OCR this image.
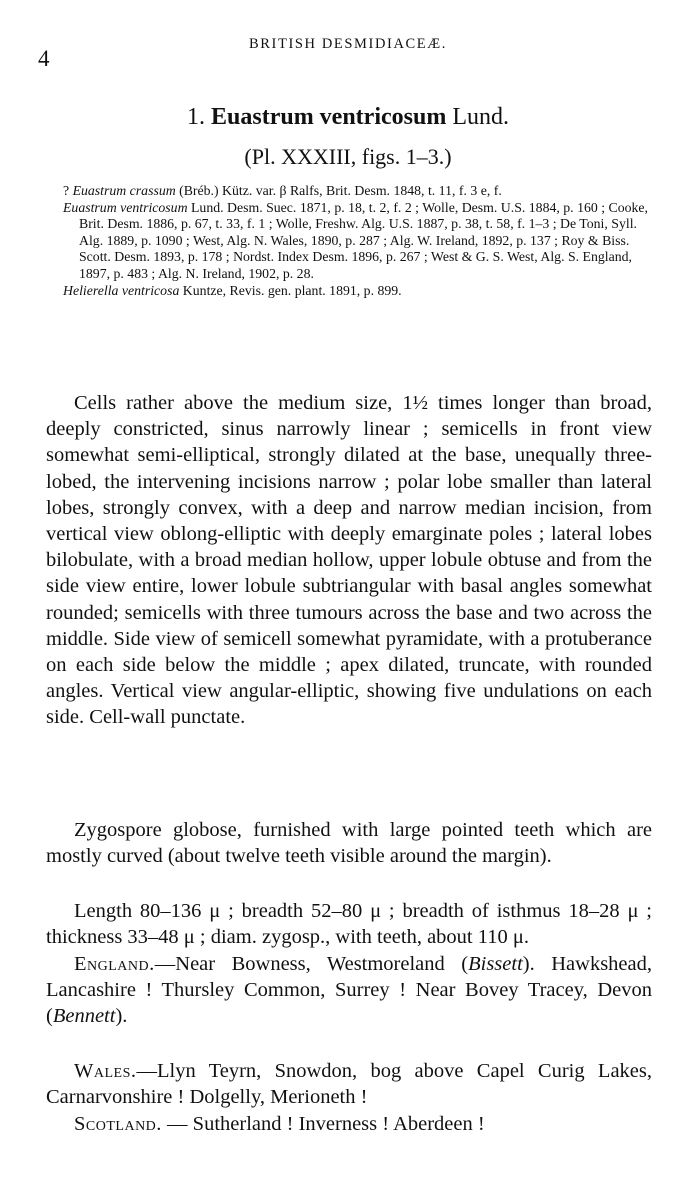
4
BRITISH DESMIDIACEÆ.
1. Euastrum ventricosum Lund.
(Pl. XXXIII, figs. 1–3.)
? Euastrum crassum (Bréb.) Kütz. var. β Ralfs, Brit. Desm. 1848, t. 11, f. 3 e, f.
Euastrum ventricosum Lund. Desm. Suec. 1871, p. 18, t. 2, f. 2 ; Wolle, Desm. U.S. 1884, p. 160 ; Cooke, Brit. Desm. 1886, p. 67, t. 33, f. 1 ; Wolle, Freshw. Alg. U.S. 1887, p. 38, t. 58, f. 1–3 ; De Toni, Syll. Alg. 1889, p. 1090 ; West, Alg. N. Wales, 1890, p. 287 ; Alg. W. Ireland, 1892, p. 137 ; Roy & Biss. Scott. Desm. 1893, p. 178 ; Nordst. Index Desm. 1896, p. 267 ; West & G. S. West, Alg. S. England, 1897, p. 483 ; Alg. N. Ireland, 1902, p. 28.
Helierella ventricosa Kuntze, Revis. gen. plant. 1891, p. 899.

Cells rather above the medium size, 1½ times longer than broad, deeply constricted, sinus narrowly linear ; semicells in front view somewhat semi-elliptical, strongly dilated at the base, unequally three-lobed, the intervening incisions narrow ; polar lobe smaller than lateral lobes, strongly convex, with a deep and narrow median incision, from vertical view oblong-elliptic with deeply emarginate poles ; lateral lobes bilobulate, with a broad median hollow, upper lobule obtuse and from the side view entire, lower lobule subtriangular with basal angles somewhat rounded; semicells with three tumours across the base and two across the middle. Side view of semicell somewhat pyramidate, with a protuberance on each side below the middle ; apex dilated, truncate, with rounded angles. Vertical view angular-elliptic, showing five undulations on each side. Cell-wall punctate.

Zygospore globose, furnished with large pointed teeth which are mostly curved (about twelve teeth visible around the margin).

Length 80–136 μ ; breadth 52–80 μ ; breadth of isthmus 18–28 μ ; thickness 33–48 μ ; diam. zygosp., with teeth, about 110 μ.

England.—Near Bowness, Westmoreland (Bissett). Hawkshead, Lancashire ! Thursley Common, Surrey ! Near Bovey Tracey, Devon (Bennett).

Wales.—Llyn Teyrn, Snowdon, bog above Capel Curig Lakes, Carnarvonshire ! Dolgelly, Merioneth !

Scotland. — Sutherland ! Inverness ! Aberdeen !
